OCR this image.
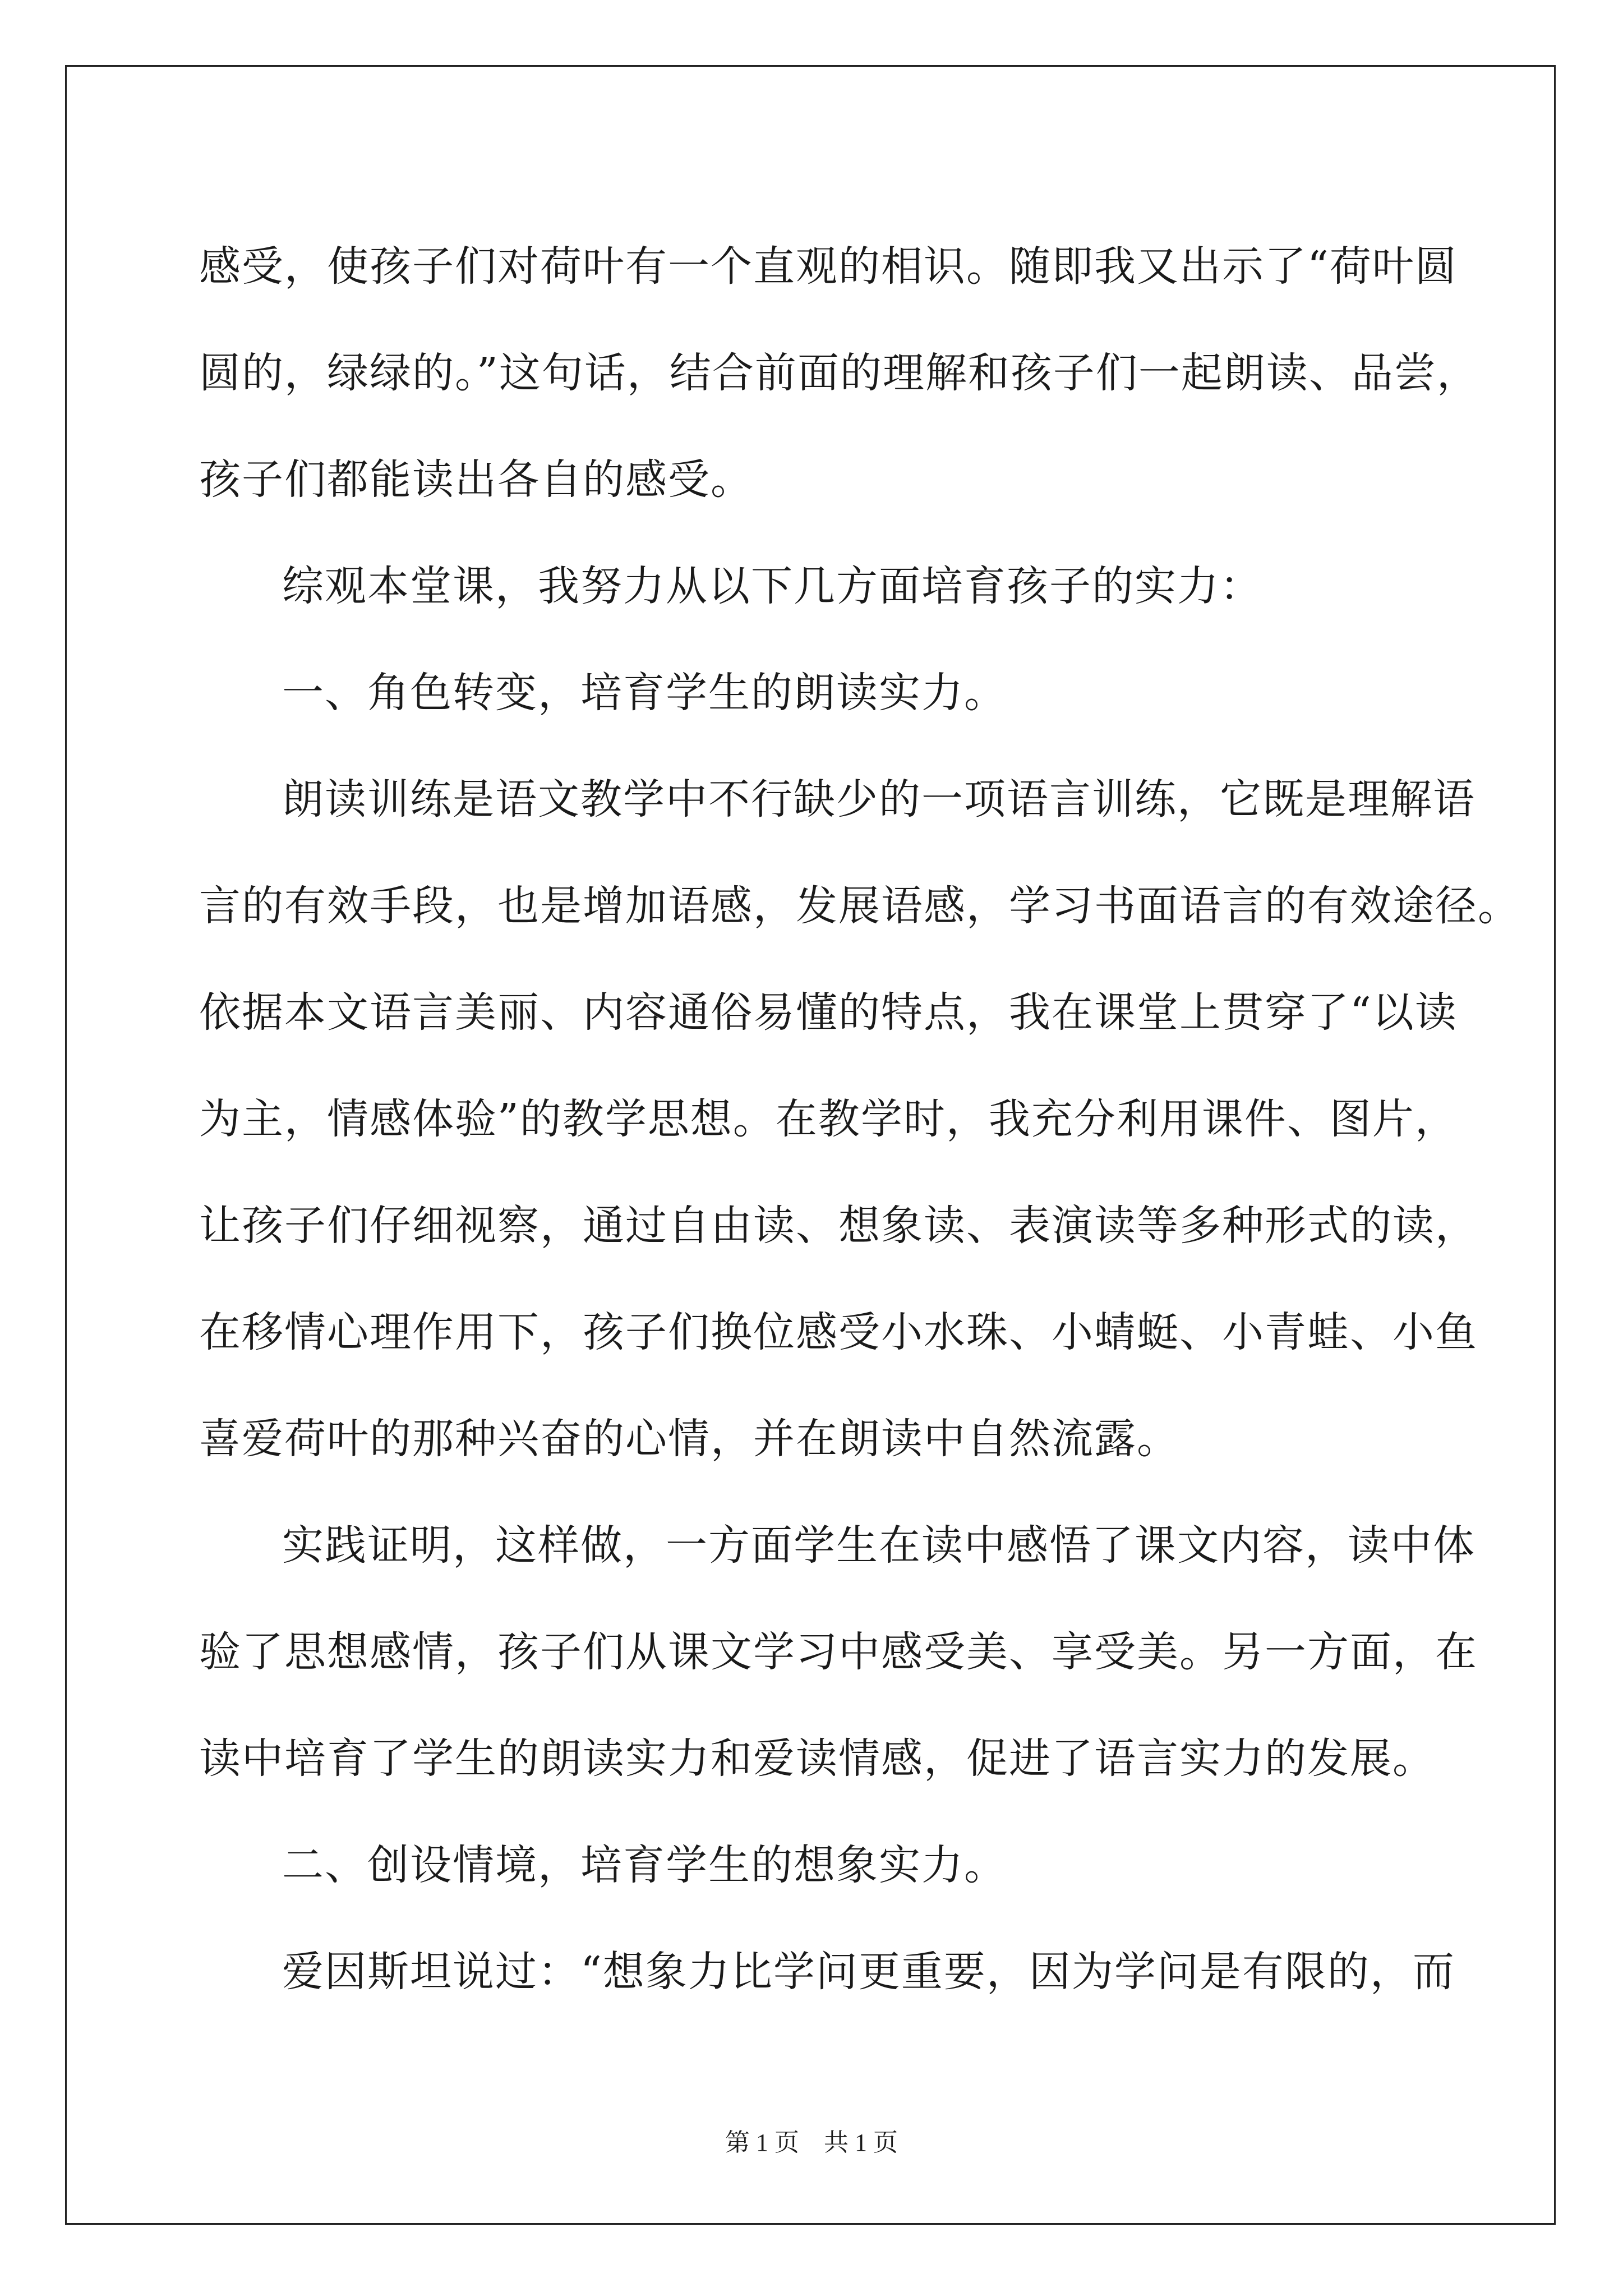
感受，使孩子们对荷叶有一个直观的相识。随即我又出示了“荷叶圆
圆的，绿绿的。”这句话，结合前面的理解和孩子们一起朗读、品尝，
孩子们都能读出各自的感受。
综观本堂课，我努力从以下几方面培育孩子的实力：
一、角色转变，培育学生的朗读实力。
朗读训练是语文教学中不行缺少的一项语言训练，它既是理解语
言的有效手段，也是增加语感，发展语感，学习书面语言的有效途径。
依据本文语言美丽、内容通俗易懂的特点，我在课堂上贯穿了“以读
为主，情感体验”的教学思想。在教学时，我充分利用课件、图片，
让孩子们仔细视察，通过自由读、想象读、表演读等多种形式的读，
在移情心理作用下，孩子们换位感受小水珠、小蜻蜓、小青蛙、小鱼
喜爱荷叶的那种兴奋的心情，并在朗读中自然流露。
实践证明，这样做，一方面学生在读中感悟了课文内容，读中体
验了思想感情，孩子们从课文学习中感受美、享受美。另一方面，在
读中培育了学生的朗读实力和爱读情感，促进了语言实力的发展。
二、创设情境，培育学生的想象实力。
爱因斯坦说过：“想象力比学问更重要，因为学问是有限的，而
第 1 页　共 1 页
